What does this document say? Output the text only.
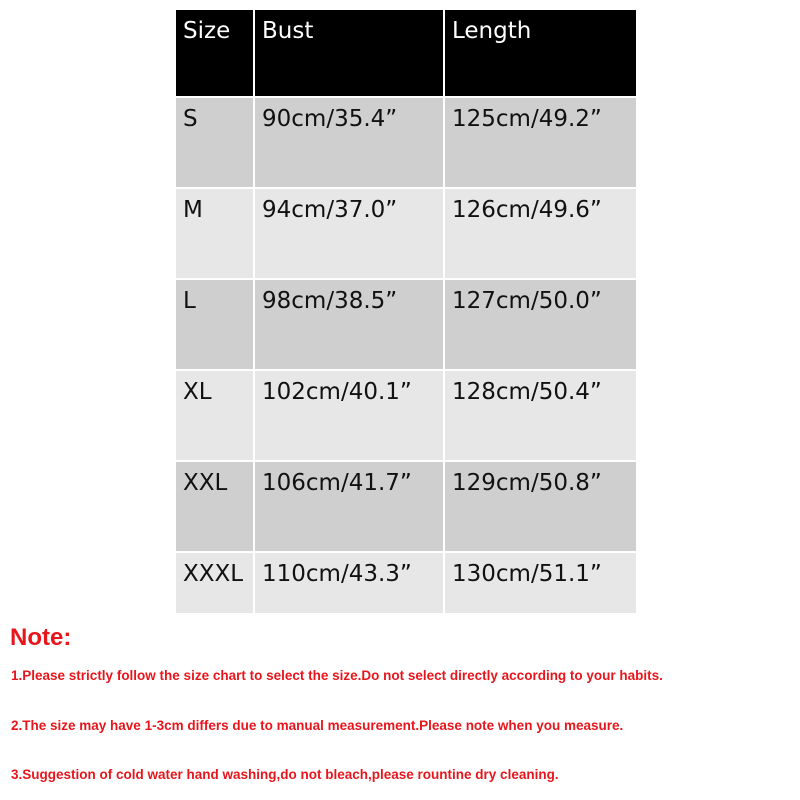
Size	Bust	Length
S	90cm/35.4”	125cm/49.2”
M	94cm/37.0”	126cm/49.6”
L	98cm/38.5”	127cm/50.0”
XL	102cm/40.1”	128cm/50.4”
XXL	106cm/41.7”	129cm/50.8”
XXXL	110cm/43.3”	130cm/51.1”
Note:

1.Please strictly follow the size chart to select the size.Do not select directly according to your habits.

2.The size may have 1-3cm differs due to manual measurement.Please note when you measure.

3.Suggestion of cold water hand washing,do not bleach,please rountine dry cleaning.
